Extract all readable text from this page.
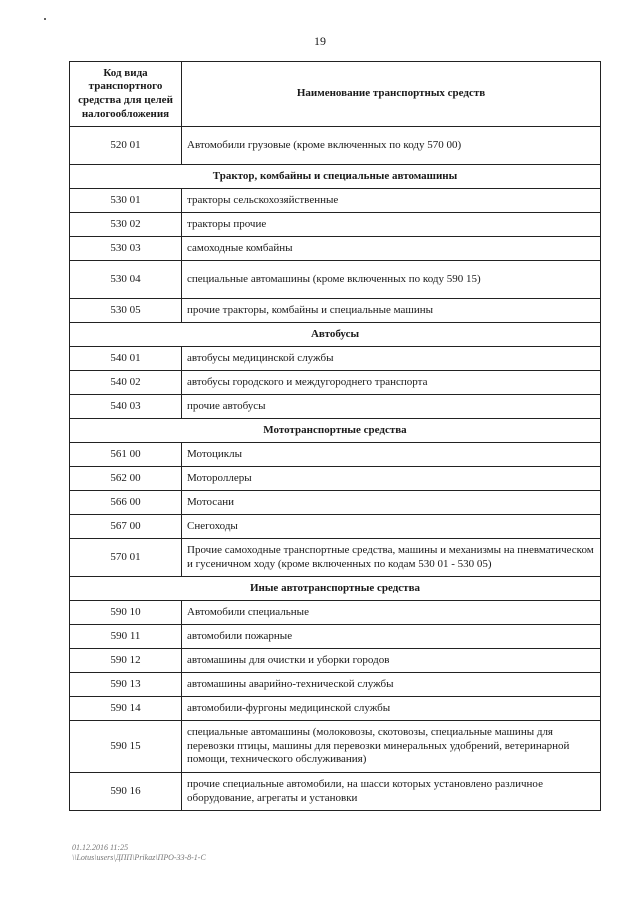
19
Код вида транспортного средства для целей налогообложения	Наименование транспортных средств
520 01	Автомобили грузовые (кроме включенных по коду 570 00)
Трактор, комбайны и специальные автомашины	
530 01	тракторы сельскохозяйственные
530 02	тракторы прочие
530 03	самоходные комбайны
530 04	специальные автомашины (кроме включенных по коду 590 15)
530 05	прочие тракторы, комбайны и специальные машины
Автобусы	
540 01	автобусы медицинской службы
540 02	автобусы городского и междугороднего транспорта
540 03	прочие автобусы
Мототранспортные средства	
561 00	Мотоциклы
562 00	Мотороллеры
566 00	Мотосани
567 00	Снегоходы
570 01	Прочие самоходные транспортные средства, машины и механизмы на пневматическом и гусеничном ходу (кроме включенных по кодам 530 01 - 530 05)
Иные автотранспортные средства	
590 10	Автомобили специальные
590 11	автомобили пожарные
590 12	автомашины для очистки и уборки городов
590 13	автомашины аварийно-технической службы
590 14	автомобили-фургоны медицинской службы
590 15	специальные автомашины (молоковозы, скотовозы, специальные машины для перевозки птицы, машины для перевозки минеральных удобрений, ветеринарной помощи, технического обслуживания)
590 16	прочие специальные автомобили, на шасси которых установлено различное оборудование, агрегаты и установки
01.12.2016 11:25
\\Lotus\users\ДПП\Prikaz\ПРО-ЗЗ-8-1-С
